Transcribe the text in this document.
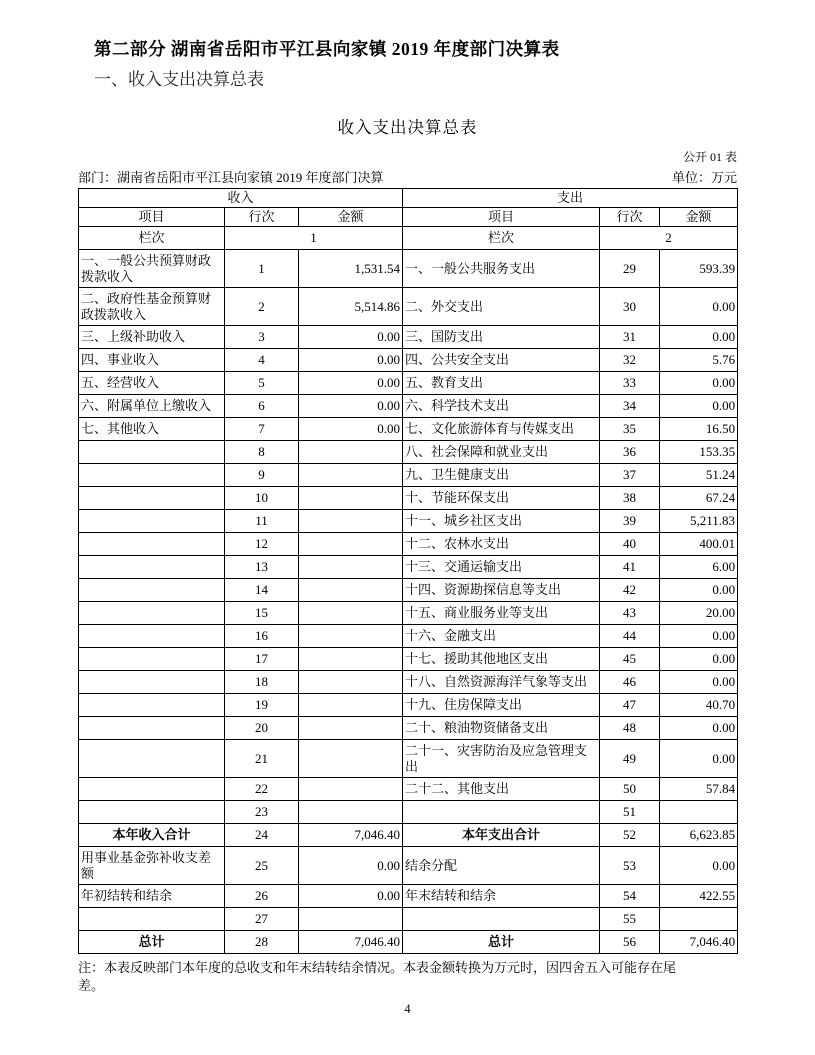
第二部分 湖南省岳阳市平江县向家镇 2019 年度部门决算表
一、收入支出决算总表
收入支出决算总表
公开 01 表
部门：湖南省岳阳市平江县向家镇 2019 年度部门决算	单位：万元
收入			支出		
项目	行次	金额	项目	行次	金额
栏次	1		栏次	2	
一、一般公共预算财政拨款收入	1	1,531.54	一、一般公共服务支出	29	593.39
二、政府性基金预算财政拨款收入	2	5,514.86	二、外交支出	30	0.00
三、上级补助收入	3	0.00	三、国防支出	31	0.00
四、事业收入	4	0.00	四、公共安全支出	32	5.76
五、经营收入	5	0.00	五、教育支出	33	0.00
六、附属单位上缴收入	6	0.00	六、科学技术支出	34	0.00
七、其他收入	7	0.00	七、文化旅游体育与传媒支出	35	16.50
	8		八、社会保障和就业支出	36	153.35
	9		九、卫生健康支出	37	51.24
	10		十、节能环保支出	38	67.24
	11		十一、城乡社区支出	39	5,211.83
	12		十二、农林水支出	40	400.01
	13		十三、交通运输支出	41	6.00
	14		十四、资源勘探信息等支出	42	0.00
	15		十五、商业服务业等支出	43	20.00
	16		十六、金融支出	44	0.00
	17		十七、援助其他地区支出	45	0.00
	18		十八、自然资源海洋气象等支出	46	0.00
	19		十九、住房保障支出	47	40.70
	20		二十、粮油物资储备支出	48	0.00
	21		二十一、灾害防治及应急管理支出	49	0.00
	22		二十二、其他支出	50	57.84
	23			51	
本年收入合计	24	7,046.40	本年支出合计	52	6,623.85
用事业基金弥补收支差额	25	0.00	结余分配	53	0.00
年初结转和结余	26	0.00	年末结转和结余	54	422.55
	27			55	
总计	28	7,046.40	总计	56	7,046.40
注：本表反映部门本年度的总收支和年末结转结余情况。本表金额转换为万元时，因四舍五入可能存在尾差。
4
